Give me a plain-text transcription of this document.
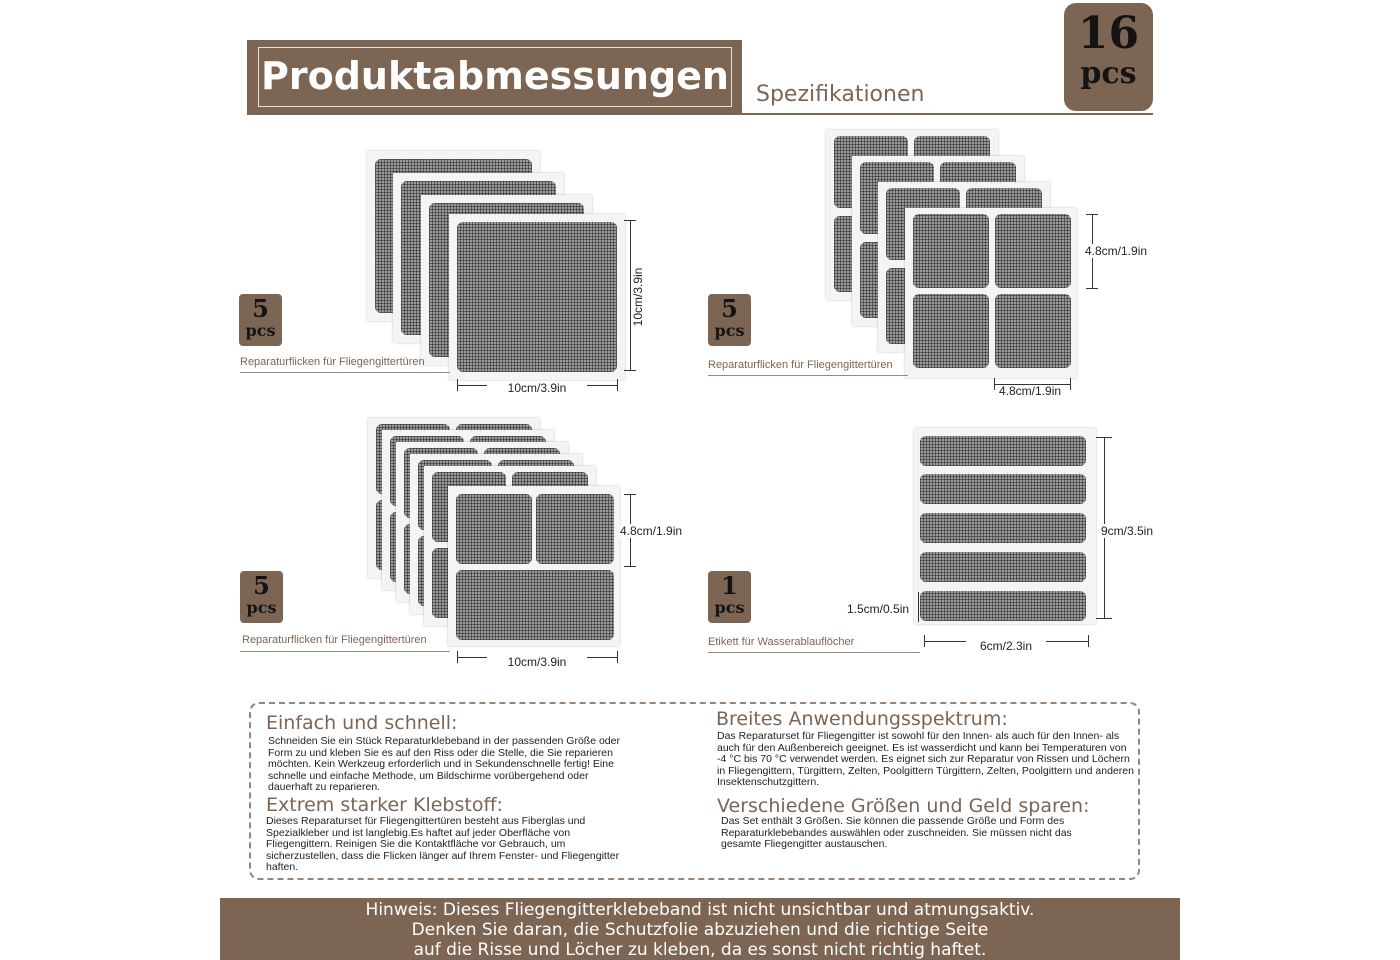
Produktabmessungen Spezifikationen
16
pcs
10cm/3.9in
10cm/3.9in
5
pcs
Reparaturflicken für Fliegengittertüren
4.8cm/1.9in
4.8cm/1.9in
5
pcs
Reparaturflicken für Fliegengittertüren
4.8cm/1.9in
10cm/3.9in
5
pcs
Reparaturflicken für Fliegengittertüren
9cm/3.5in
1.5cm/0.5in
6cm/2.3in
1
pcs
Etikett für Wasserablauflöcher
Einfach und schnell:
Schneiden Sie ein Stück Reparaturklebeband in der passenden Größe oder Form zu und kleben Sie es auf den Riss oder die Stelle, die Sie reparieren möchten. Kein Werkzeug erforderlich und in Sekundenschnelle fertig! Eine schnelle und einfache Methode, um Bildschirme vorübergehend oder dauerhaft zu reparieren.
Extrem starker Klebstoff:
Dieses Reparaturset für Fliegengittertüren besteht aus Fiberglas und Spezialkleber und ist langlebig.Es haftet auf jeder Oberfläche von Fliegengittern. Reinigen Sie die Kontaktfläche vor Gebrauch, um sicherzustellen, dass die Flicken länger auf Ihrem Fenster- und Fliegengitter haften.
Breites Anwendungsspektrum:
Das Reparaturset für Fliegengitter ist sowohl für den Innen- als auch für den Innen- als auch für den Außenbereich geeignet. Es ist wasserdicht und kann bei Temperaturen von -4 °C bis 70 °C verwendet werden. Es eignet sich zur Reparatur von Rissen und Löchern in Fliegengittern, Türgittern, Zelten, Poolgittern Türgittern, Zelten, Poolgittern und anderen Insektenschutzgittern.
Verschiedene Größen und Geld sparen:
Das Set enthält 3 Größen. Sie können die passende Größe und Form des Reparaturklebebandes auswählen oder zuschneiden. Sie müssen nicht das gesamte Fliegengitter austauschen.
Hinweis: Dieses Fliegengitterklebeband ist nicht unsichtbar und atmungsaktiv.
Denken Sie daran, die Schutzfolie abzuziehen und die richtige Seite
auf die Risse und Löcher zu kleben, da es sonst nicht richtig haftet.
